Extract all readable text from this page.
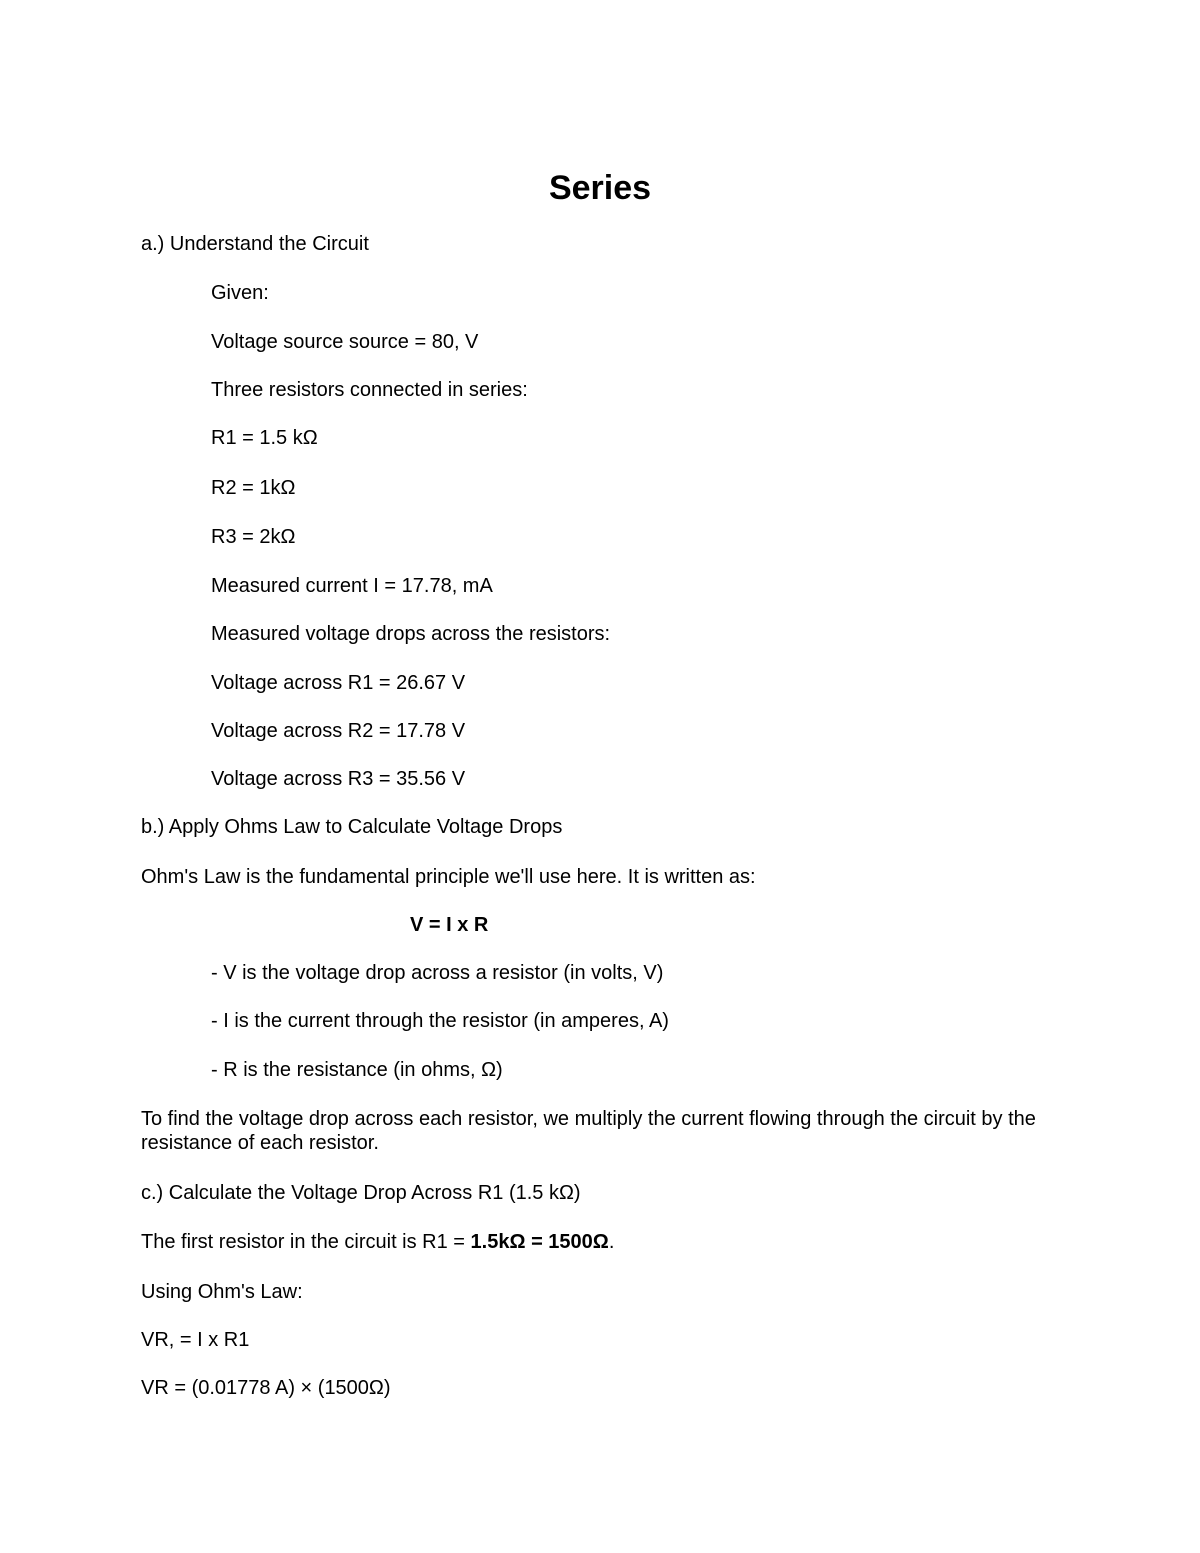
Series
a.) Understand the Circuit
Given:
Voltage source source = 80, V
Three resistors connected in series:
R1 = 1.5 kΩ
R2 = 1kΩ
R3 = 2kΩ
Measured current I = 17.78, mA
Measured voltage drops across the resistors:
Voltage across R1 = 26.67 V
Voltage across R2 = 17.78 V
Voltage across R3 = 35.56 V
b.) Apply Ohms Law to Calculate Voltage Drops
Ohm's Law is the fundamental principle we'll use here. It is written as:
V = I x R
- V is the voltage drop across a resistor (in volts, V)
- I is the current through the resistor (in amperes, A)
- R is the resistance (in ohms, Ω)
To find the voltage drop across each resistor, we multiply the current flowing through the circuit by the resistance of each resistor.
c.) Calculate the Voltage Drop Across R1 (1.5 kΩ)
The first resistor in the circuit is R1 = 1.5kΩ = 1500Ω.
Using Ohm's Law:
VR, = I x R1
VR = (0.01778 A) × (1500Ω)
